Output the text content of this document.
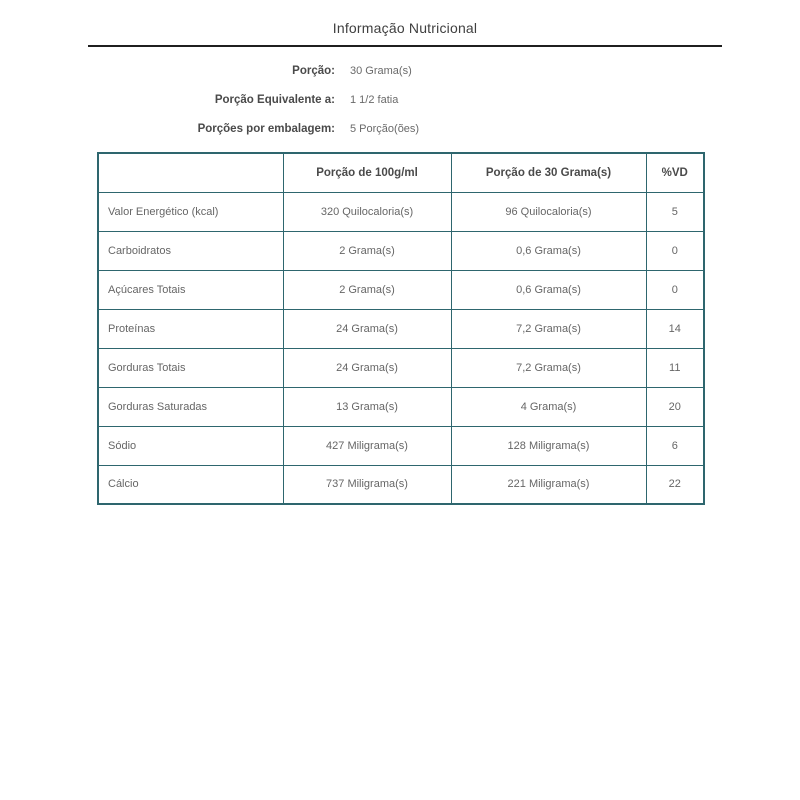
Informação Nutricional
Porção: 30 Grama(s)
Porção Equivalente a: 1 1/2 fatia
Porções por embalagem: 5 Porção(ões)
	Porção de 100g/ml	Porção de 30 Grama(s)	%VD
Valor Energético (kcal)	320 Quilocaloria(s)	96 Quilocaloria(s)	5
Carboidratos	2 Grama(s)	0,6 Grama(s)	0
Açúcares Totais	2 Grama(s)	0,6 Grama(s)	0
Proteínas	24 Grama(s)	7,2 Grama(s)	14
Gorduras Totais	24 Grama(s)	7,2 Grama(s)	11
Gorduras Saturadas	13 Grama(s)	4 Grama(s)	20
Sódio	427 Miligrama(s)	128 Miligrama(s)	6
Cálcio	737 Miligrama(s)	221 Miligrama(s)	22
